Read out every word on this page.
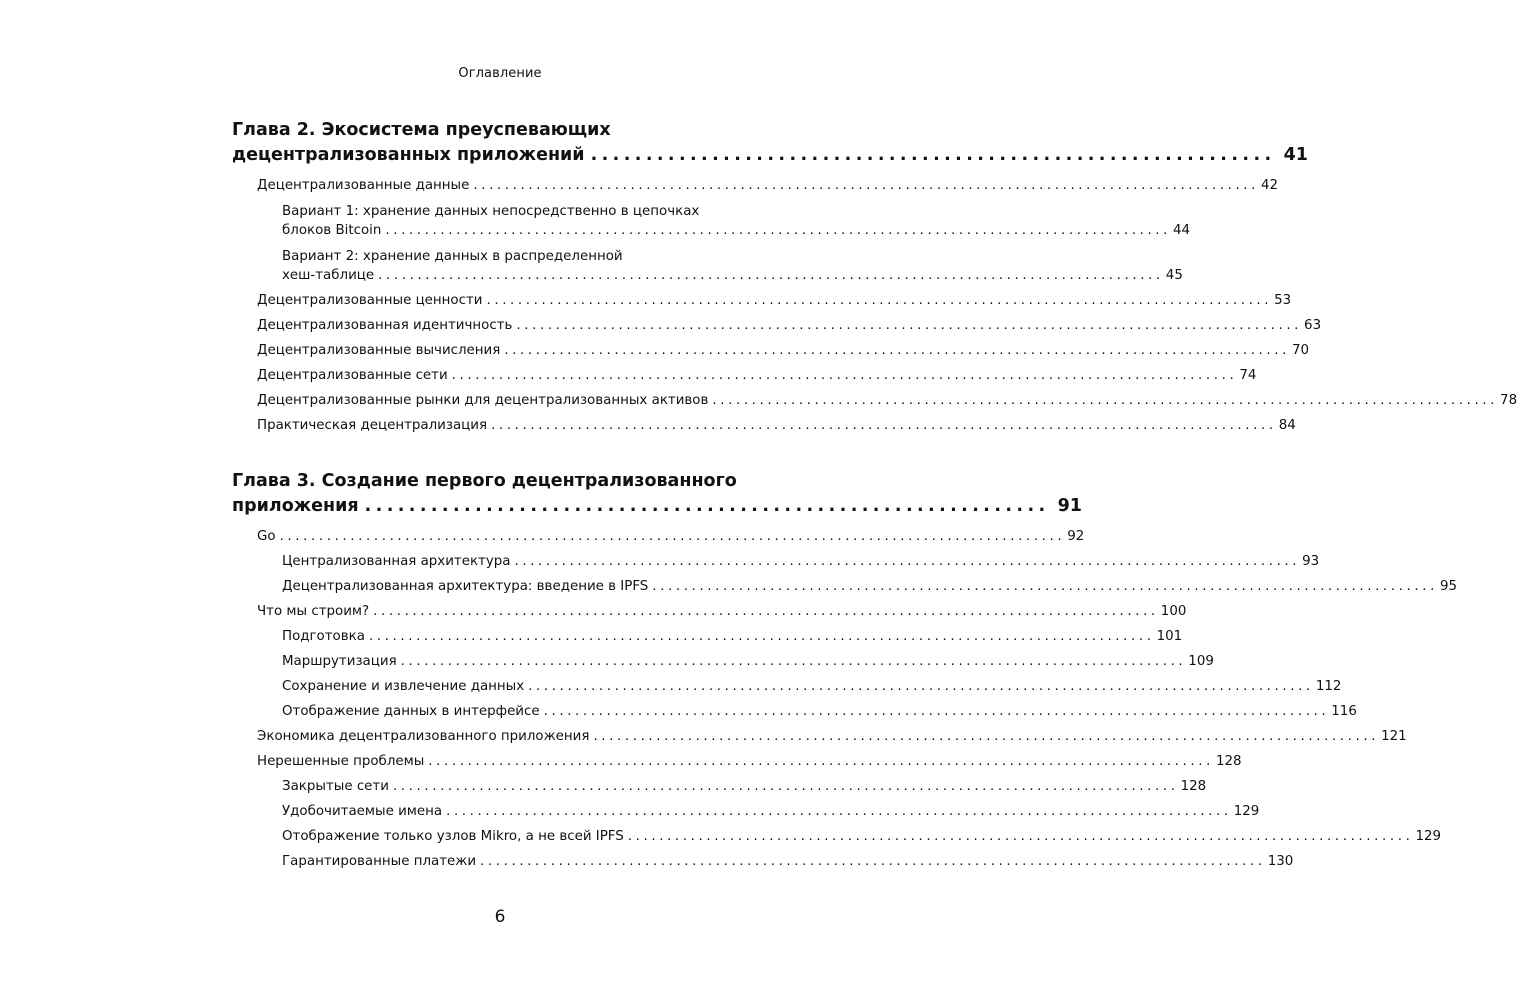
Оглавление
Глава 2. Экосистема преуспевающих
децентрализованных приложений .............................................................. 41
Децентрализованные данные .................................................................................................... 42
Вариант 1: хранение данных непосредственно в цепочках
блоков Bitcoin .................................................................................................... 44
Вариант 2: хранение данных в распределенной
хеш-таблице .................................................................................................... 45
Децентрализованные ценности .................................................................................................... 53
Децентрализованная идентичность .................................................................................................... 63
Децентрализованные вычисления .................................................................................................... 70
Децентрализованные сети .................................................................................................... 74
Децентрализованные рынки для децентрализованных активов .................................................................................................... 78
Практическая децентрализация .................................................................................................... 84
Глава 3. Создание первого децентрализованного
приложения .............................................................. 91
Go .................................................................................................... 92
Централизованная архитектура .................................................................................................... 93
Децентрализованная архитектура: введение в IPFS .................................................................................................... 95
Что мы строим? .................................................................................................... 100
Подготовка .................................................................................................... 101
Маршрутизация .................................................................................................... 109
Сохранение и извлечение данных .................................................................................................... 112
Отображение данных в интерфейсе .................................................................................................... 116
Экономика децентрализованного приложения .................................................................................................... 121
Нерешенные проблемы .................................................................................................... 128
Закрытые сети .................................................................................................... 128
Удобочитаемые имена .................................................................................................... 129
Отображение только узлов Mikro, а не всей IPFS .................................................................................................... 129
Гарантированные платежи .................................................................................................... 130
6
